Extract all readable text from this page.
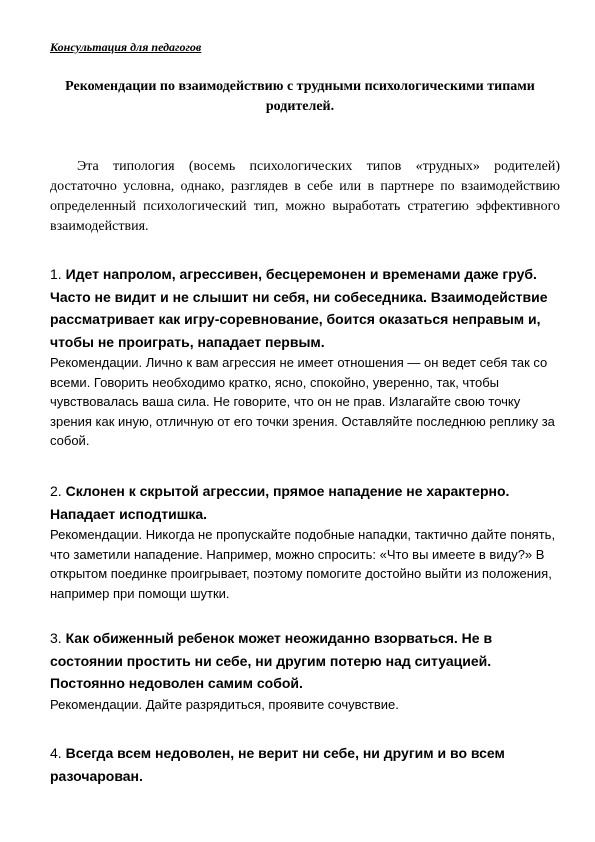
Консультация для педагогов
Рекомендации по взаимодействию с трудными психологическими типами родителей.
Эта типология (восемь психологических типов «трудных» родителей) достаточно условна, однако, разглядев в себе или в партнере по взаимодействию определенный психологический тип, можно выработать стратегию эффективного взаимодействия.
1. Идет напролом, агрессивен, бесцеремонен и временами даже груб. Часто не видит и не слышит ни себя, ни собеседника. Взаимодействие рассматривает как игру-соревнование, боится оказаться неправым и, чтобы не проиграть, нападает первым.
Рекомендации. Лично к вам агрессия не имеет отношения — он ведет себя так со всеми. Говорить необходимо кратко, ясно, спокойно, уверенно, так, чтобы чувствовалась ваша сила. Не говорите, что он не прав. Излагайте свою точку зрения как иную, отличную от его точки зрения. Оставляйте последнюю реплику за собой.
2. Склонен к скрытой агрессии, прямое нападение не характерно. Нападает исподтишка.
Рекомендации. Никогда не пропускайте подобные нападки, тактично дайте понять, что заметили нападение. Например, можно спросить: «Что вы имеете в виду?» В открытом поединке проигрывает, поэтому помогите достойно выйти из положения, например при помощи шутки.
3. Как обиженный ребенок может неожиданно взорваться. Не в состоянии простить ни себе, ни другим потерю над ситуацией. Постоянно недоволен самим собой.
Рекомендации. Дайте разрядиться, проявите сочувствие.
4. Всегда всем недоволен, не верит ни себе, ни другим и во всем разочарован.
